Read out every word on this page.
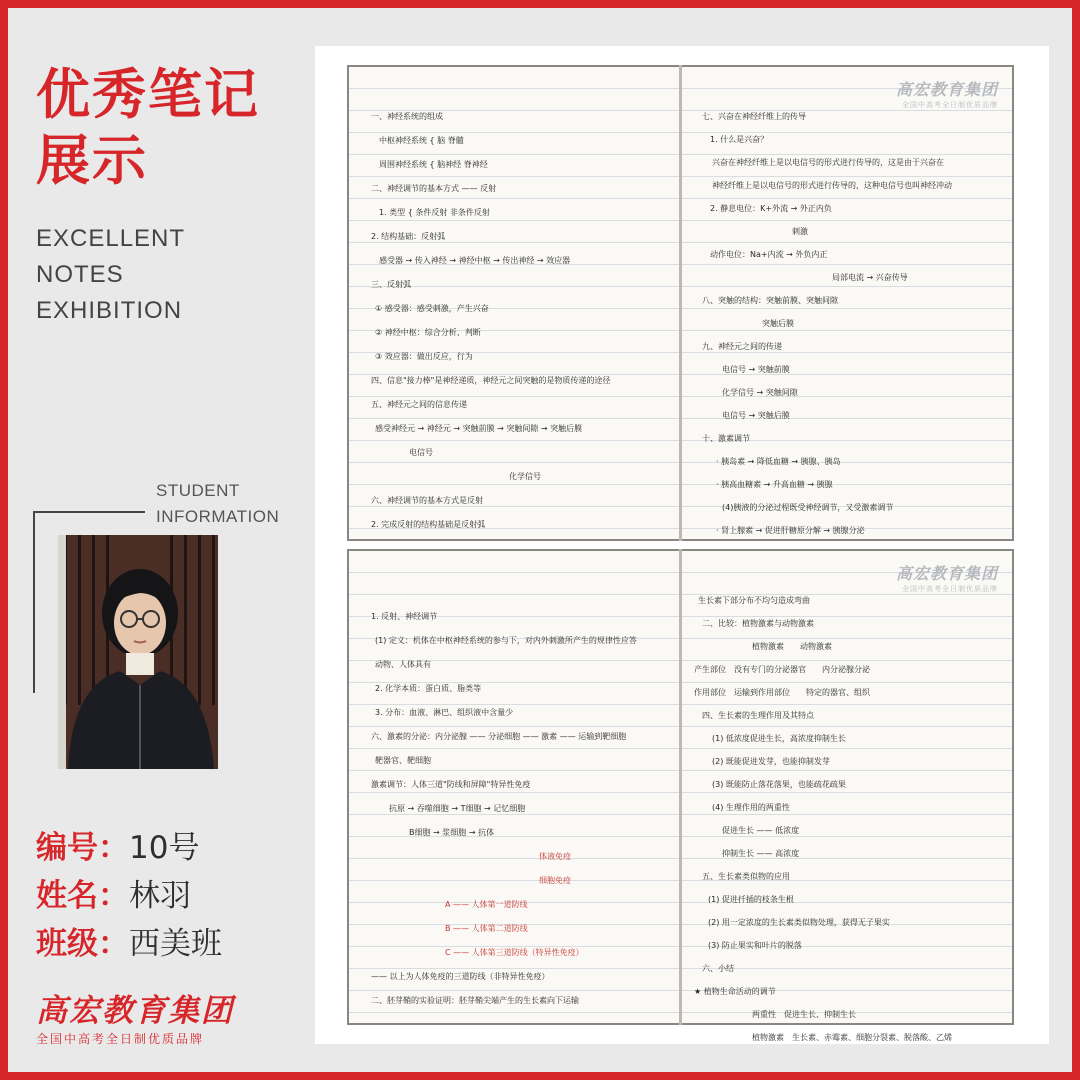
优秀笔记
展示
EXCELLENT
NOTES
EXHIBITION
STUDENT
INFORMATION
编号：10号
姓名：林羽
班级：西美班
高宏教育集团
全国中高考全日制优质品牌
一、神经系统的组成
中枢神经系统 { 脑 脊髓
周围神经系统 { 脑神经 脊神经
二、神经调节的基本方式 —— 反射
1. 类型 { 条件反射 非条件反射
2. 结构基础：反射弧
感受器 → 传入神经 → 神经中枢 → 传出神经 → 效应器
三、反射弧
① 感受器：感受刺激，产生兴奋
② 神经中枢：综合分析、判断
③ 效应器：做出反应，行为
四、信息"接力棒"是神经递质，神经元之间突触的是物质传递的途径
五、神经元之间的信息传递
感受神经元 → 神经元 → 突触前膜 → 突触间隙 → 突触后膜
电信号
化学信号
六、神经调节的基本方式是反射
2. 完成反射的结构基础是反射弧
高宏教育集团
全国中高考全日制优质品牌
七、兴奋在神经纤维上的传导
1. 什么是兴奋？
兴奋在神经纤维上是以电信号的形式进行传导的，这是由于兴奋在
神经纤维上是以电信号的形式进行传导的，这种电信号也叫神经冲动
2. 静息电位：K+外流 → 外正内负
刺激
动作电位：Na+内流 → 外负内正
局部电流 → 兴奋传导
八、突触的结构：突触前膜、突触间隙
突触后膜
九、神经元之间的传递
电信号 → 突触前膜
化学信号 → 突触间隙
电信号 → 突触后膜
十、激素调节
· 胰岛素 → 降低血糖 → 胰腺、胰岛
· 胰高血糖素 → 升高血糖 → 胰腺
(4)胰液的分泌过程既受神经调节，又受激素调节
· 肾上腺素 → 促进肝糖原分解 → 胰腺分泌
1. 反射、神经调节
(1) 定义：机体在中枢神经系统的参与下，对内外刺激所产生的规律性应答
动物、人体具有
2. 化学本质：蛋白质、脂类等
3. 分布：血液、淋巴、组织液中含量少
六、激素的分泌：内分泌腺 —— 分泌细胞 —— 激素 —— 运输到靶细胞
靶器官、靶细胞
激素调节：人体三道"防线和屏障"特异性免疫
抗原 → 吞噬细胞 → T细胞 → 记忆细胞
B细胞 → 浆细胞 → 抗体
体液免疫
细胞免疫
A —— 人体第一道防线
B —— 人体第二道防线
C —— 人体第三道防线（特异性免疫）
—— 以上为人体免疫的三道防线（非特异性免疫）
二、胚芽鞘的实验证明：胚芽鞘尖端产生的生长素向下运输
高宏教育集团
全国中高考全日制优质品牌
生长素下部分布不均匀造成弯曲
二、比较：植物激素与动物激素
植物激素　　动物激素
产生部位　没有专门的分泌器官　　内分泌腺分泌
作用部位　运输到作用部位　　特定的器官、组织
四、生长素的生理作用及其特点
(1) 低浓度促进生长，高浓度抑制生长
(2) 既能促进发芽，也能抑制发芽
(3) 既能防止落花落果，也能疏花疏果
(4) 生理作用的两重性
促进生长 —— 低浓度
抑制生长 —— 高浓度
五、生长素类似物的应用
(1) 促进扦插的枝条生根
(2) 用一定浓度的生长素类似物处理，获得无子果实
(3) 防止果实和叶片的脱落
六、小结
★ 植物生命活动的调节
两重性　促进生长、抑制生长
植物激素　生长素、赤霉素、细胞分裂素、脱落酸、乙烯
